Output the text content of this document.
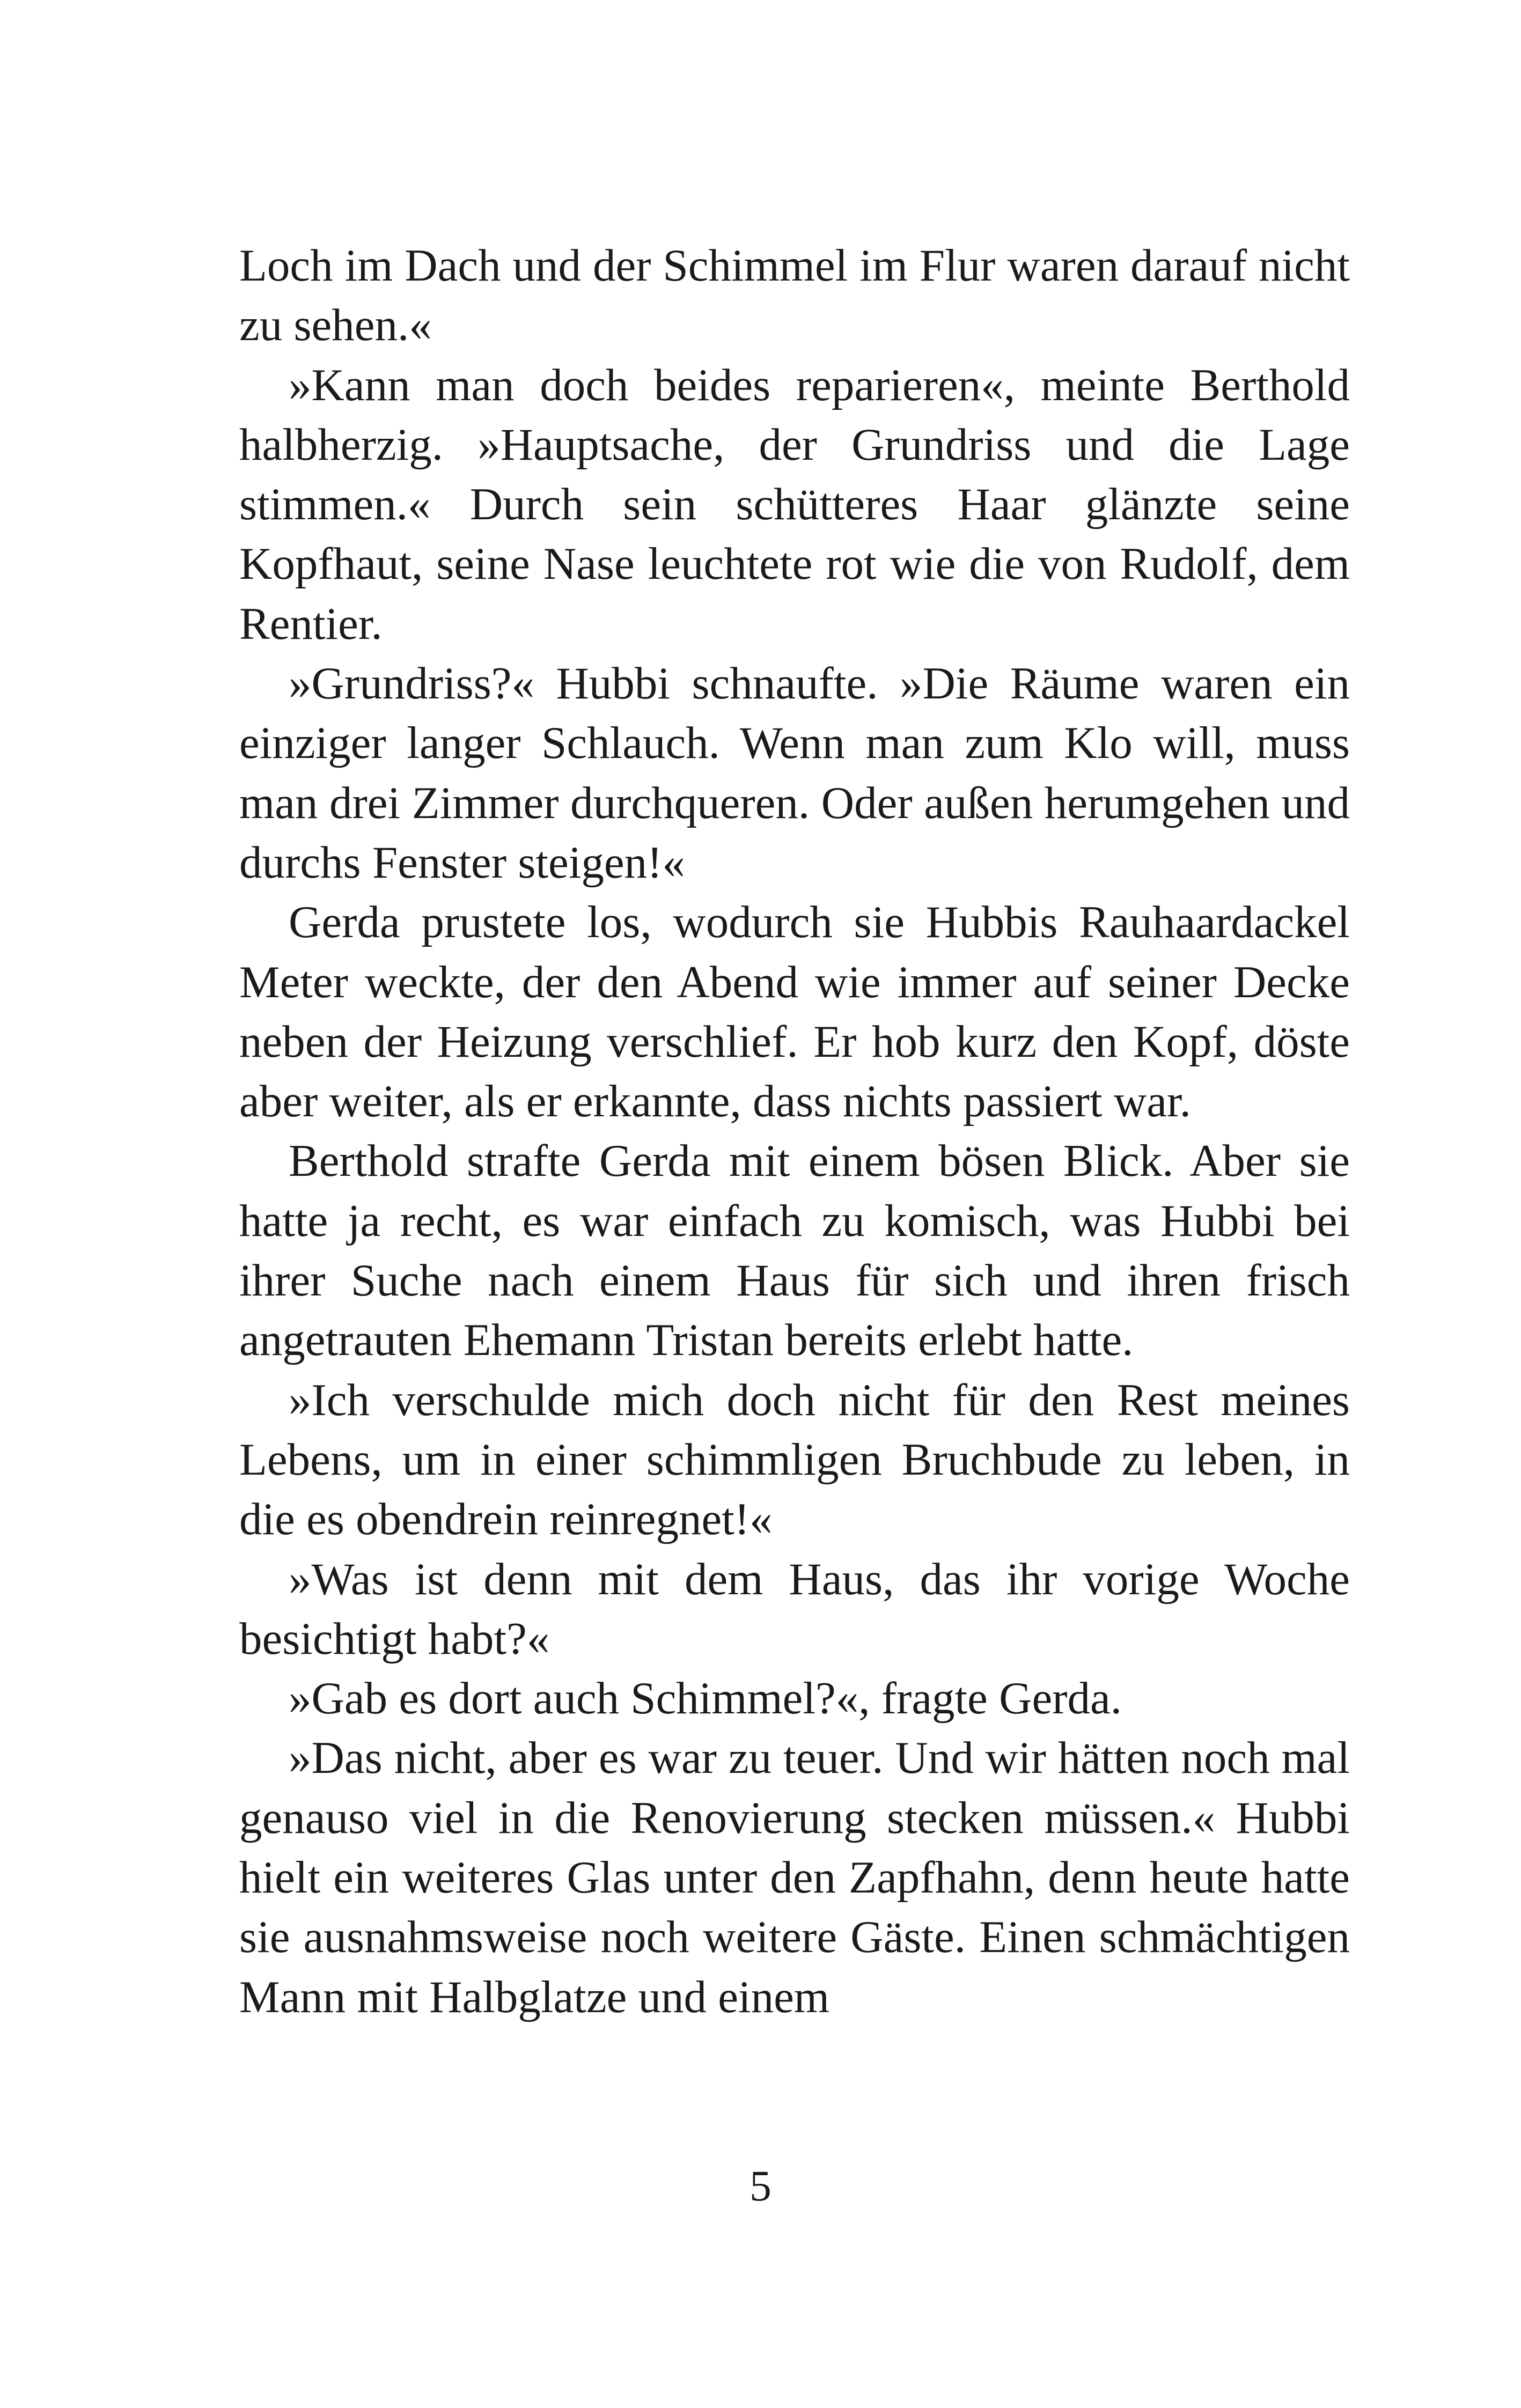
Loch im Dach und der Schimmel im Flur waren darauf nicht zu sehen.«

»Kann man doch beides reparieren«, meinte Berthold halbherzig. »Hauptsache, der Grundriss und die Lage stimmen.« Durch sein schütteres Haar glänzte seine Kopfhaut, seine Nase leuchtete rot wie die von Rudolf, dem Rentier.

»Grundriss?« Hubbi schnaufte. »Die Räume waren ein einziger langer Schlauch. Wenn man zum Klo will, muss man drei Zimmer durchqueren. Oder außen herumgehen und durchs Fenster steigen!«

Gerda prustete los, wodurch sie Hubbis Rauhaardackel Meter weckte, der den Abend wie immer auf seiner Decke neben der Heizung verschlief. Er hob kurz den Kopf, döste aber weiter, als er erkannte, dass nichts passiert war.

Berthold strafte Gerda mit einem bösen Blick. Aber sie hatte ja recht, es war einfach zu komisch, was Hubbi bei ihrer Suche nach einem Haus für sich und ihren frisch angetrauten Ehemann Tristan bereits erlebt hatte.

»Ich verschulde mich doch nicht für den Rest meines Lebens, um in einer schimmligen Bruchbude zu leben, in die es obendrein reinregnet!«

»Was ist denn mit dem Haus, das ihr vorige Woche besichtigt habt?«

»Gab es dort auch Schimmel?«, fragte Gerda.

»Das nicht, aber es war zu teuer. Und wir hätten noch mal genauso viel in die Renovierung stecken müssen.« Hubbi hielt ein weiteres Glas unter den Zapfhahn, denn heute hatte sie ausnahmsweise noch weitere Gäste. Einen schmächtigen Mann mit Halbglatze und einem

5
